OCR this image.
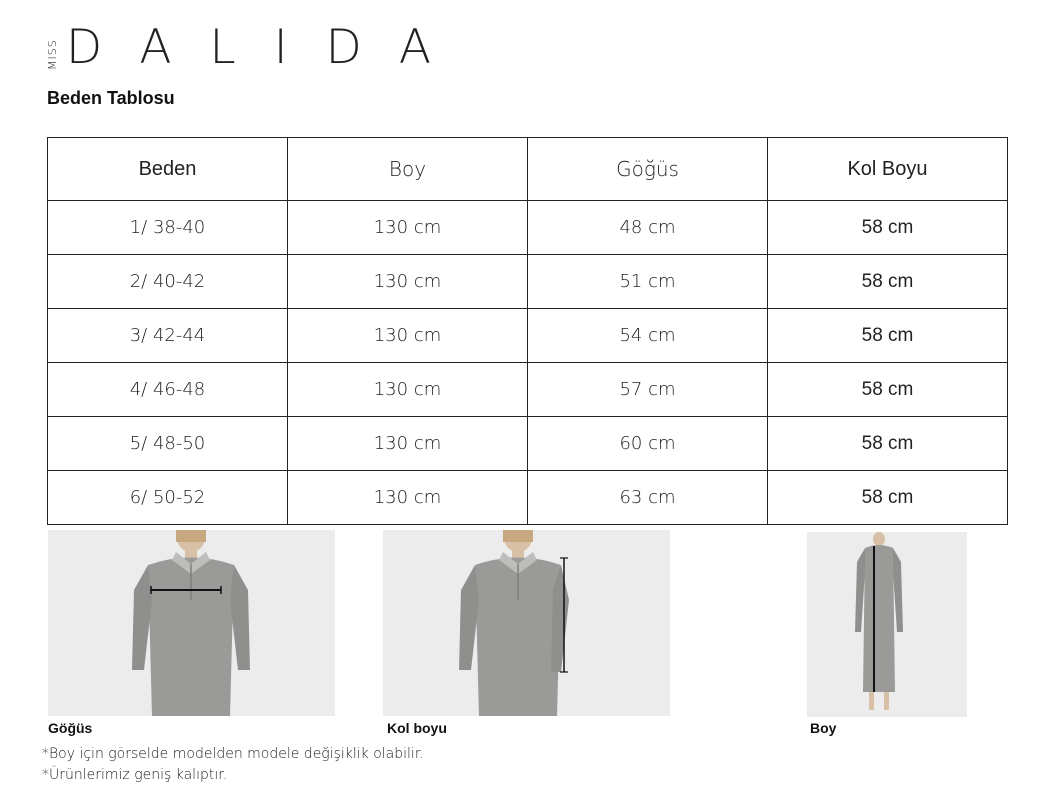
MISS DALIDA
Beden Tablosu
Beden	Boy	Göğüs	Kol Boyu
1/ 38-40	130 cm	48 cm	58 cm
2/ 40-42	130 cm	51 cm	58 cm
3/ 42-44	130 cm	54 cm	58 cm
4/ 46-48	130 cm	57 cm	58 cm
5/ 48-50	130 cm	60 cm	58 cm
6/ 50-52	130 cm	63 cm	58 cm
Göğüs	Kol boyu	Boy
*Boy için görselde modelden modele değişiklik olabilir.
*Ürünlerimiz geniş kalıptır.
